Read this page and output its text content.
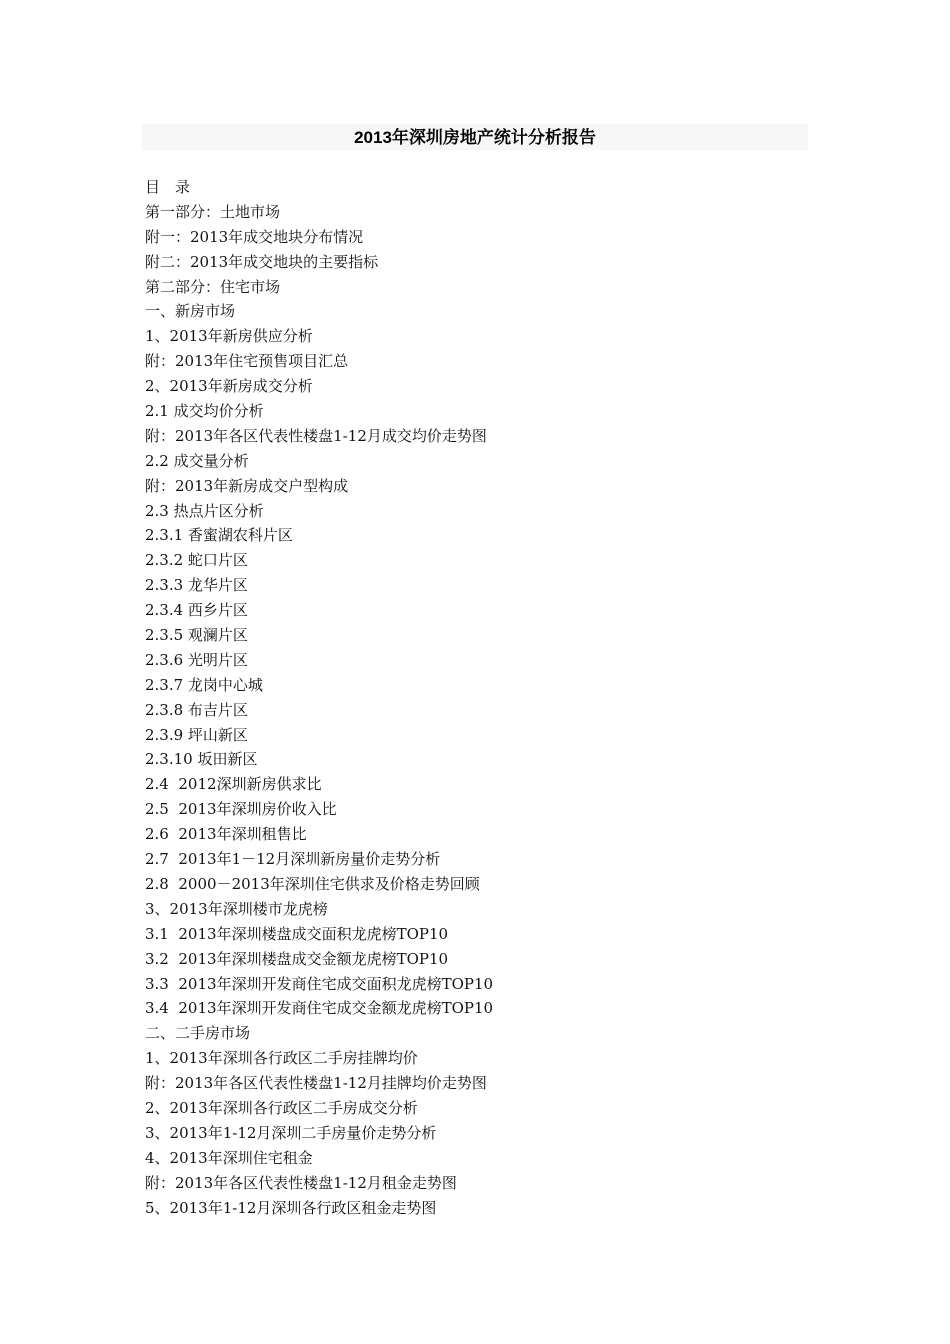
2013年深圳房地产统计分析报告
目　录
第一部分：土地市场
附一：2013年成交地块分布情况
附二：2013年成交地块的主要指标
第二部分：住宅市场
一、新房市场
1、2013年新房供应分析
附：2013年住宅预售项目汇总
2、2013年新房成交分析
2.1 成交均价分析
附：2013年各区代表性楼盘1-12月成交均价走势图
2.2 成交量分析
附：2013年新房成交户型构成
2.3 热点片区分析
2.3.1 香蜜湖农科片区
2.3.2 蛇口片区
2.3.3 龙华片区
2.3.4 西乡片区
2.3.5 观澜片区
2.3.6 光明片区
2.3.7 龙岗中心城
2.3.8 布吉片区
2.3.9 坪山新区
2.3.10 坂田新区
2.4  2012深圳新房供求比
2.5  2013年深圳房价收入比
2.6  2013年深圳租售比
2.7  2013年1－12月深圳新房量价走势分析
2.8  2000－2013年深圳住宅供求及价格走势回顾
3、2013年深圳楼市龙虎榜
3.1  2013年深圳楼盘成交面积龙虎榜TOP10
3.2  2013年深圳楼盘成交金额龙虎榜TOP10
3.3  2013年深圳开发商住宅成交面积龙虎榜TOP10
3.4  2013年深圳开发商住宅成交金额龙虎榜TOP10
二、二手房市场
1、2013年深圳各行政区二手房挂牌均价
附：2013年各区代表性楼盘1-12月挂牌均价走势图
2、2013年深圳各行政区二手房成交分析
3、2013年1-12月深圳二手房量价走势分析
4、2013年深圳住宅租金
附：2013年各区代表性楼盘1-12月租金走势图
5、2013年1-12月深圳各行政区租金走势图
